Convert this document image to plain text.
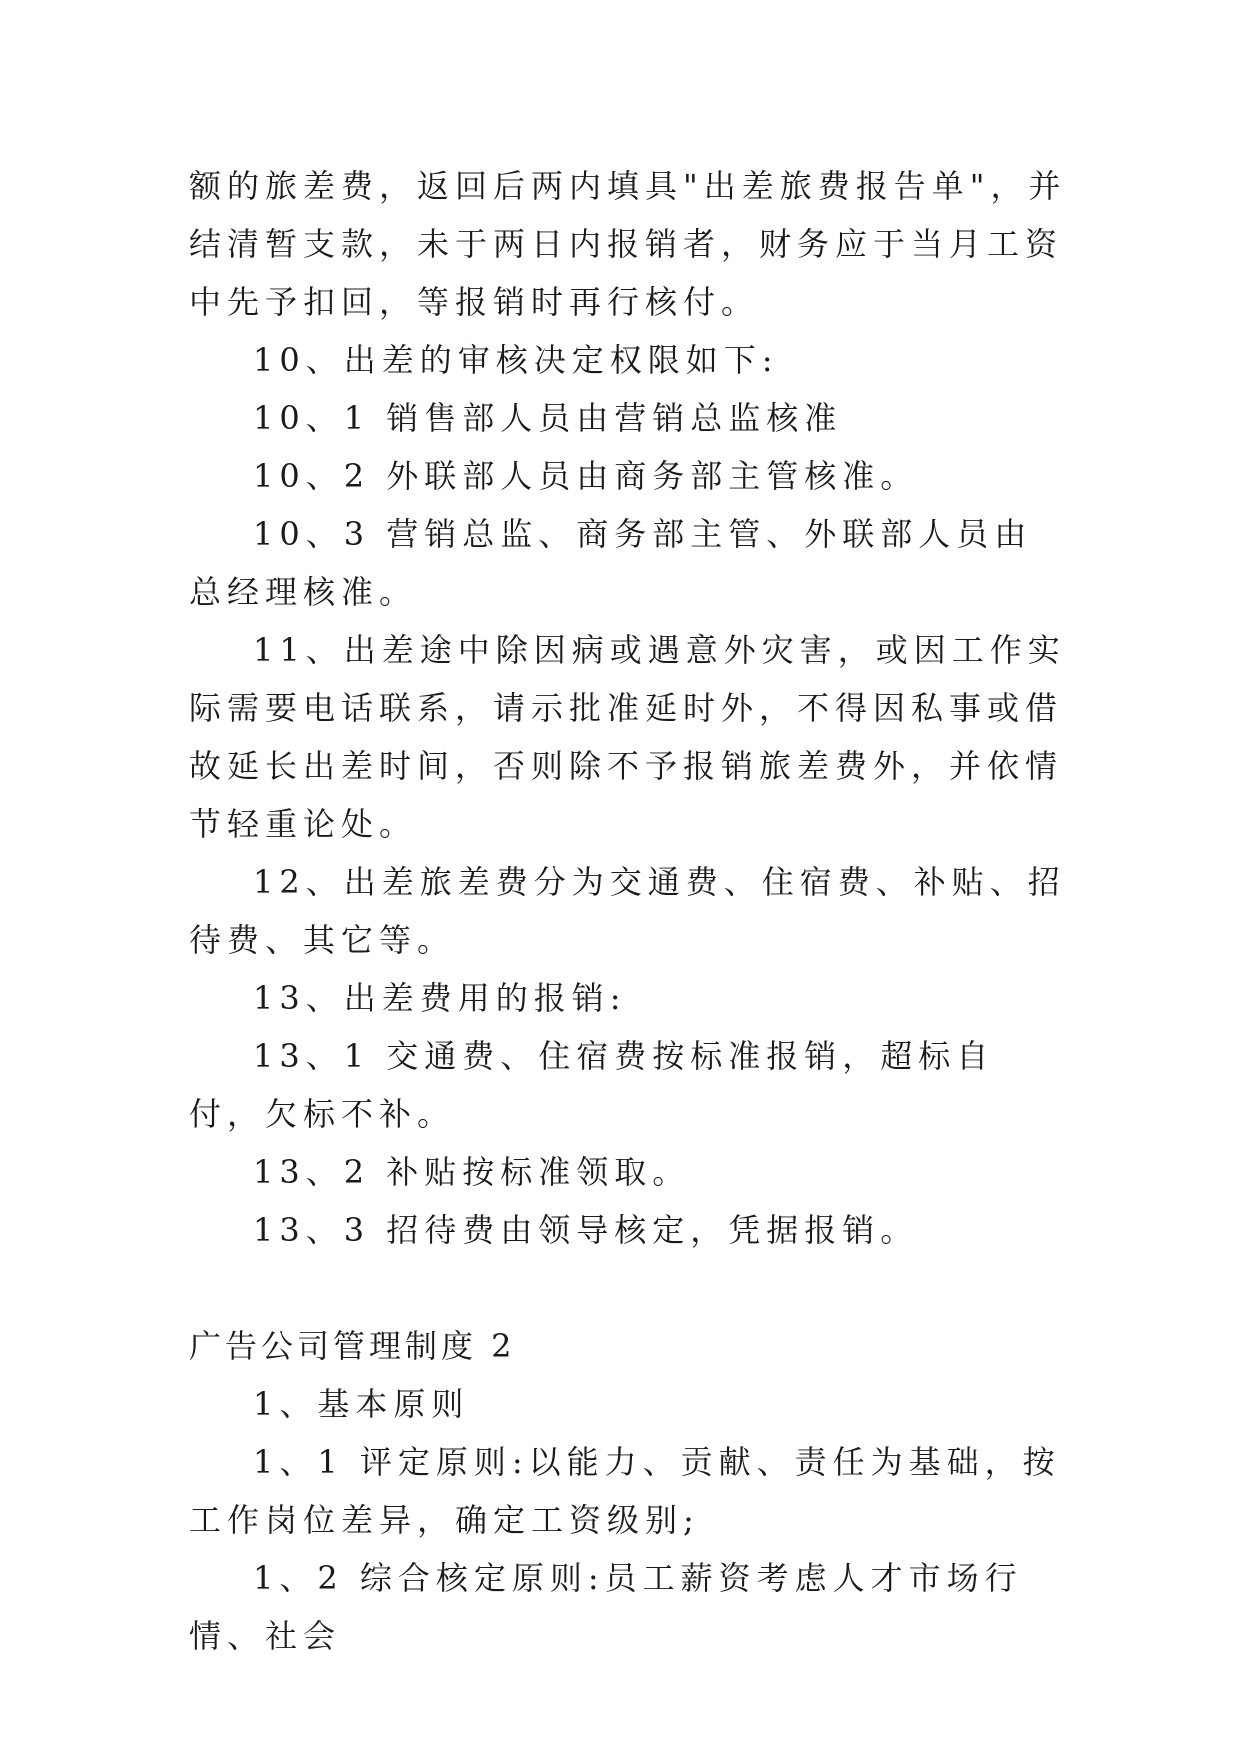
额的旅差费，返回后两内填具"出差旅费报告单"，并结清暂支款，未于两日内报销者，财务应于当月工资中先予扣回，等报销时再行核付。

10、出差的审核决定权限如下:

10、1 销售部人员由营销总监核准

10、2 外联部人员由商务部主管核准。

10、3 营销总监、商务部主管、外联部人员由总经理核准。

11、出差途中除因病或遇意外灾害，或因工作实际需要电话联系，请示批准延时外，不得因私事或借故延长出差时间，否则除不予报销旅差费外，并依情节轻重论处。

12、出差旅差费分为交通费、住宿费、补贴、招待费、其它等。

13、出差费用的报销:

13、1 交通费、住宿费按标准报销，超标自付，欠标不补。

13、2 补贴按标准领取。

13、3 招待费由领导核定，凭据报销。

广告公司管理制度 2

1、基本原则

1、1 评定原则:以能力、贡献、责任为基础，按工作岗位差异，确定工资级别;

1、2 综合核定原则:员工薪资考虑人才市场行情、社会
